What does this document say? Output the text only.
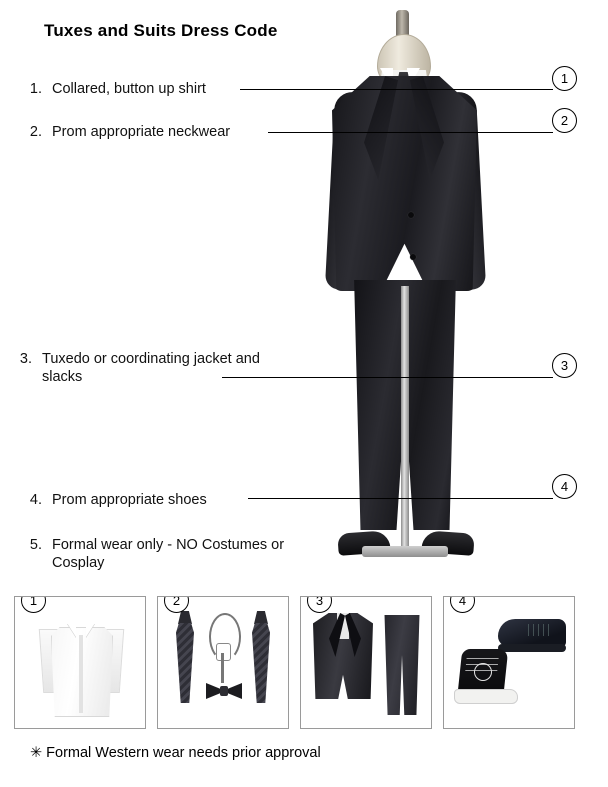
Tuxes and Suits Dress Code
1. Collared, button up shirt
2. Prom appropriate neckwear
3. Tuxedo or coordinating jacket and slacks
4. Prom appropriate shoes
5. Formal wear only - NO Costumes or Cosplay
1
2
3
4
1	2	3	4
✳ Formal Western wear needs prior approval
